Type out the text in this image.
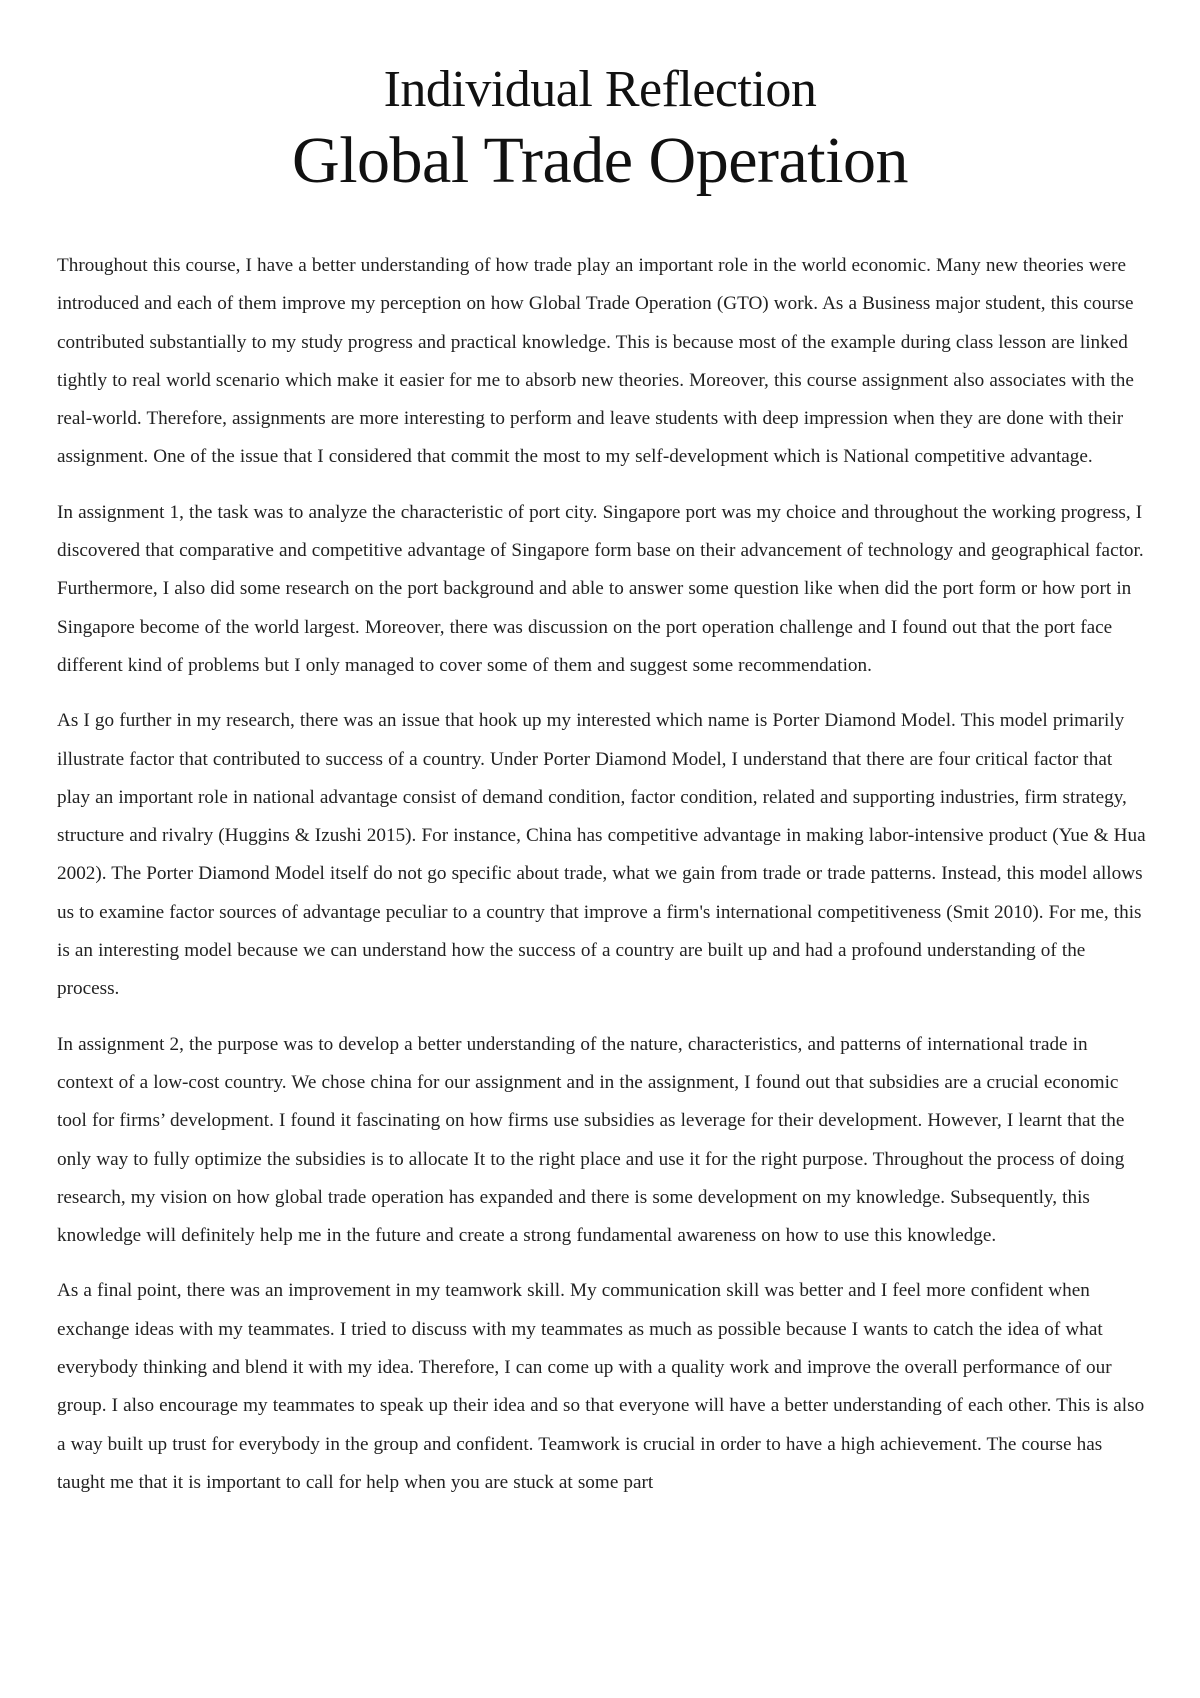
Individual Reflection
Global Trade Operation

Throughout this course, I have a better understanding of how trade play an important role in the world economic. Many new theories were introduced and each of them improve my perception on how Global Trade Operation (GTO) work. As a Business major student, this course contributed substantially to my study progress and practical knowledge. This is because most of the example during class lesson are linked tightly to real world scenario which make it easier for me to absorb new theories. Moreover, this course assignment also associates with the real-world. Therefore, assignments are more interesting to perform and leave students with deep impression when they are done with their assignment. One of the issue that I considered that commit the most to my self-development which is National competitive advantage.

In assignment 1, the task was to analyze the characteristic of port city. Singapore port was my choice and throughout the working progress, I discovered that comparative and competitive advantage of Singapore form base on their advancement of technology and geographical factor. Furthermore, I also did some research on the port background and able to answer some question like when did the port form or how port in Singapore become of the world largest. Moreover, there was discussion on the port operation challenge and I found out that the port face different kind of problems but I only managed to cover some of them and suggest some recommendation.

As I go further in my research, there was an issue that hook up my interested which name is Porter Diamond Model. This model primarily illustrate factor that contributed to success of a country. Under Porter Diamond Model, I understand that there are four critical factor that play an important role in national advantage consist of demand condition, factor condition, related and supporting industries, firm strategy, structure and rivalry (Huggins & Izushi 2015). For instance, China has competitive advantage in making labor-intensive product (Yue & Hua 2002). The Porter Diamond Model itself do not go specific about trade, what we gain from trade or trade patterns. Instead, this model allows us to examine factor sources of advantage peculiar to a country that improve a firm's international competitiveness (Smit 2010). For me, this is an interesting model because we can understand how the success of a country are built up and had a profound understanding of the process.

In assignment 2, the purpose was to develop a better understanding of the nature, characteristics, and patterns of international trade in context of a low-cost country. We chose china for our assignment and in the assignment, I found out that subsidies are a crucial economic tool for firms’ development. I found it fascinating on how firms use subsidies as leverage for their development. However, I learnt that the only way to fully optimize the subsidies is to allocate It to the right place and use it for the right purpose. Throughout the process of doing research, my vision on how global trade operation has expanded and there is some development on my knowledge. Subsequently, this knowledge will definitely help me in the future and create a strong fundamental awareness on how to use this knowledge.

As a final point, there was an improvement in my teamwork skill. My communication skill was better and I feel more confident when exchange ideas with my teammates. I tried to discuss with my teammates as much as possible because I wants to catch the idea of what everybody thinking and blend it with my idea. Therefore, I can come up with a quality work and improve the overall performance of our group. I also encourage my teammates to speak up their idea and so that everyone will have a better understanding of each other. This is also a way built up trust for everybody in the group and confident. Teamwork is crucial in order to have a high achievement. The course has taught me that it is important to call for help when you are stuck at some part
